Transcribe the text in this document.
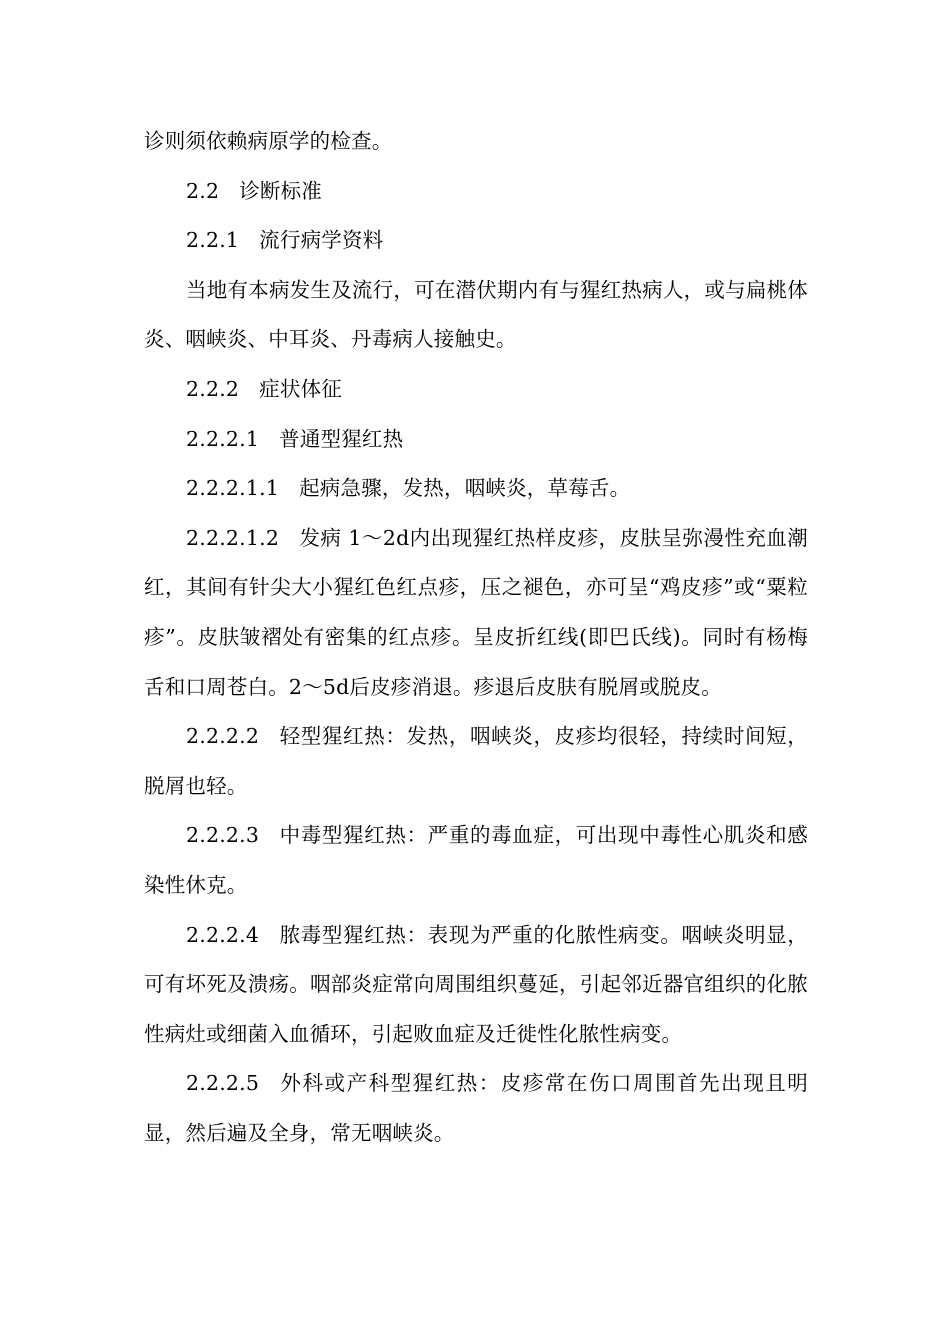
诊则须依赖病原学的检查。

2.2 诊断标准

2.2.1 流行病学资料

当地有本病发生及流行，可在潜伏期内有与猩红热病人，或与扁桃体炎、咽峡炎、中耳炎、丹毒病人接触史。

2.2.2 症状体征

2.2.2.1 普通型猩红热

2.2.2.1.1 起病急骤，发热，咽峡炎，草莓舌。

2.2.2.1.2 发病 1～2d内出现猩红热样皮疹，皮肤呈弥漫性充血潮红，其间有针尖大小猩红色红点疹，压之褪色，亦可呈“鸡皮疹”或“粟粒疹”。皮肤皱褶处有密集的红点疹。呈皮折红线(即巴氏线)。同时有杨梅舌和口周苍白。2～5d后皮疹消退。疹退后皮肤有脱屑或脱皮。

2.2.2.2 轻型猩红热：发热，咽峡炎，皮疹均很轻，持续时间短，脱屑也轻。

2.2.2.3 中毒型猩红热：严重的毒血症，可出现中毒性心肌炎和感染性休克。

2.2.2.4 脓毒型猩红热：表现为严重的化脓性病变。咽峡炎明显，可有坏死及溃疡。咽部炎症常向周围组织蔓延，引起邻近器官组织的化脓性病灶或细菌入血循环，引起败血症及迁徙性化脓性病变。

2.2.2.5 外科或产科型猩红热：皮疹常在伤口周围首先出现且明显，然后遍及全身，常无咽峡炎。
